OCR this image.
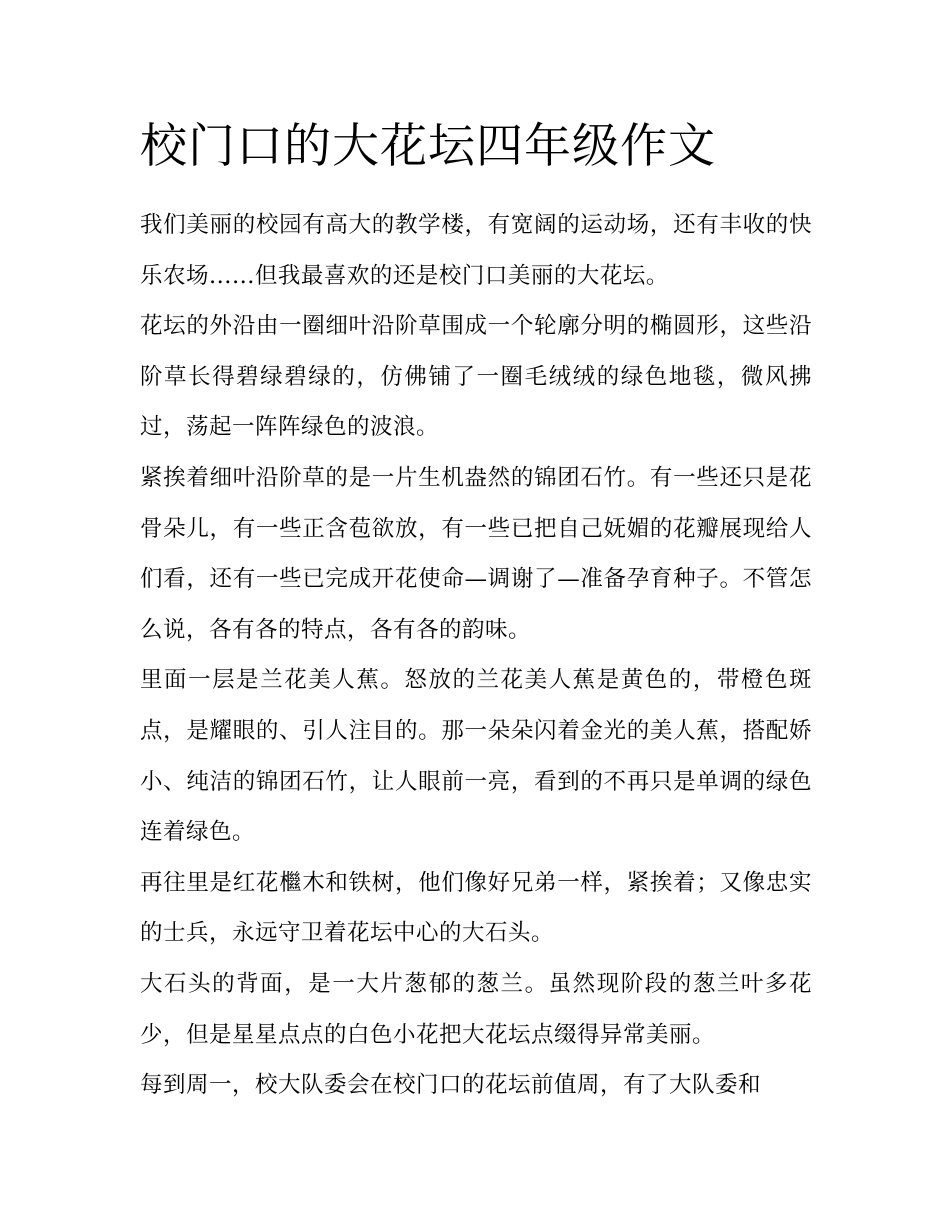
校门口的大花坛四年级作文

我们美丽的校园有高大的教学楼，有宽阔的运动场，还有丰收的快乐农场......但我最喜欢的还是校门口美丽的大花坛。

花坛的外沿由一圈细叶沿阶草围成一个轮廓分明的椭圆形，这些沿阶草长得碧绿碧绿的，仿佛铺了一圈毛绒绒的绿色地毯，微风拂过，荡起一阵阵绿色的波浪。

紧挨着细叶沿阶草的是一片生机盎然的锦团石竹。有一些还只是花骨朵儿，有一些正含苞欲放，有一些已把自己妩媚的花瓣展现给人们看，还有一些已完成开花使命—调谢了—准备孕育种子。不管怎么说，各有各的特点，各有各的韵味。

里面一层是兰花美人蕉。怒放的兰花美人蕉是黄色的，带橙色斑点，是耀眼的、引人注目的。那一朵朵闪着金光的美人蕉，搭配娇小、纯洁的锦团石竹，让人眼前一亮，看到的不再只是单调的绿色连着绿色。

再往里是红花檵木和铁树，他们像好兄弟一样，紧挨着；又像忠实的士兵，永远守卫着花坛中心的大石头。

大石头的背面，是一大片葱郁的葱兰。虽然现阶段的葱兰叶多花少，但是星星点点的白色小花把大花坛点缀得异常美丽。

每到周一，校大队委会在校门口的花坛前值周，有了大队委和
